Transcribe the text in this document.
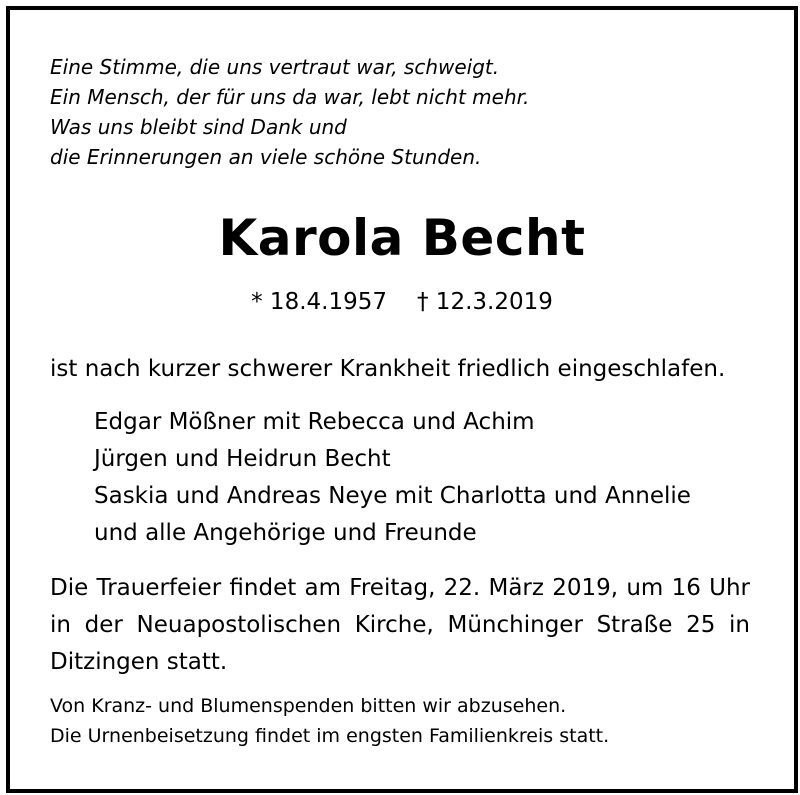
Eine Stimme, die uns vertraut war, schweigt.
Ein Mensch, der für uns da war, lebt nicht mehr.
Was uns bleibt sind Dank und
die Erinnerungen an viele schöne Stunden.
Karola Becht
* 18.4.1957 † 12.3.2019
ist nach kurzer schwerer Krankheit friedlich eingeschlafen.
Edgar Mößner mit Rebecca und Achim
Jürgen und Heidrun Becht
Saskia und Andreas Neye mit Charlotta und Annelie
und alle Angehörige und Freunde
Die Trauerfeier findet am Freitag, 22. März 2019, um 16 Uhr in der Neuapostolischen Kirche, Münchinger Straße 25 in Ditzingen statt.
Von Kranz- und Blumenspenden bitten wir abzusehen.
Die Urnenbeisetzung findet im engsten Familienkreis statt.
